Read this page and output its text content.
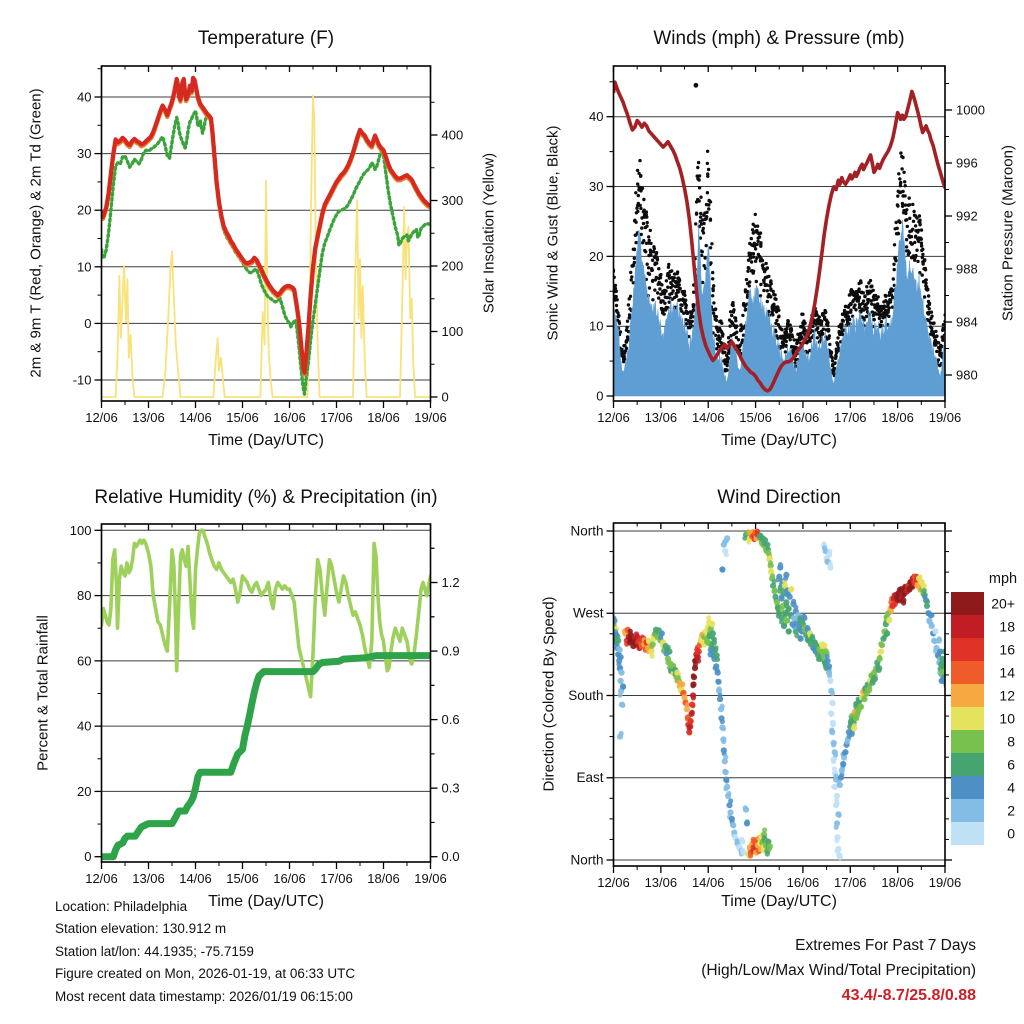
12/06 13/06 14/06 15/06 16/06 17/06 18/06 19/06
-10
0
10
20
30
40
0
100
200
300
400
12/06 13/06 14/06 15/06 16/06 17/06 18/06 19/06
0
10
20
30
40
980
984
988
992
996
1000
12/06 13/06 14/06 15/06 16/06 17/06 18/06 19/06
0
20
40
60
80
100
0.0
0.3
0.6
0.9
1.2
12/06 13/06 14/06 15/06 16/06 17/06 18/06 19/06
North
West
South
East
North
20+
18
16
14
12
10
8
6
4
2
0
mph
Temperature (F)
2m & 9m T (Red, Orange) & 2m Td (Green)	Solar Insolation (Yellow)
Time (Day/UTC)
Winds (mph) & Pressure (mb)
Sonic Wind & Gust (Blue, Black)	Station Pressure (Maroon)
Time (Day/UTC)
Relative Humidity (%) & Precipitation (in)
Percent & Total Rainfall
Time (Day/UTC)
Wind Direction
Direction (Colored By Speed)
Time (Day/UTC)
Location: Philadelphia
Station elevation: 130.912 m
Station lat/lon: 44.1935; -75.7159
Figure created on Mon, 2026-01-19, at 06:33 UTC
Most recent data timestamp: 2026/01/19 06:15:00
Extremes For Past 7 Days
(High/Low/Max Wind/Total Precipitation)
43.4/-8.7/25.8/0.88
